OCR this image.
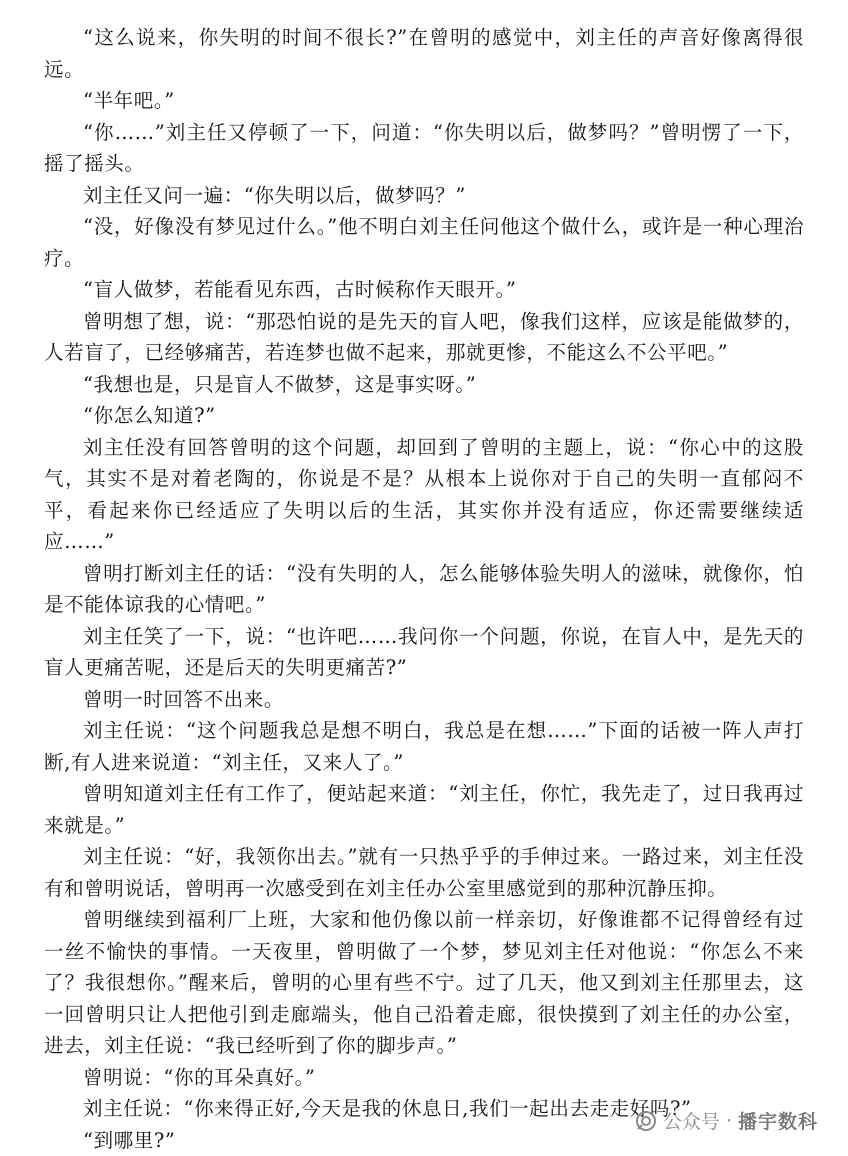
“这么说来，你失明的时间不很长?”在曾明的感觉中，刘主任的声音好像离得很远。

“半年吧。”

“你……”刘主任又停顿了一下，问道：“你失明以后，做梦吗？”曾明愣了一下，摇了摇头。

刘主任又问一遍：“你失明以后，做梦吗？”

“没，好像没有梦见过什么。”他不明白刘主任问他这个做什么，或许是一种心理治疗。

“盲人做梦，若能看见东西，古时候称作天眼开。”

曾明想了想，说：“那恐怕说的是先天的盲人吧，像我们这样，应该是能做梦的，人若盲了，已经够痛苦，若连梦也做不起来，那就更惨，不能这么不公平吧。”

“我想也是，只是盲人不做梦，这是事实呀。”

“你怎么知道?”

刘主任没有回答曾明的这个问题，却回到了曾明的主题上，说：“你心中的这股气，其实不是对着老陶的，你说是不是？从根本上说你对于自己的失明一直郁闷不平，看起来你已经适应了失明以后的生活，其实你并没有适应，你还需要继续适应……”

曾明打断刘主任的话：“没有失明的人，怎么能够体验失明人的滋味，就像你，怕是不能体谅我的心情吧。”

刘主任笑了一下，说：“也许吧……我问你一个问题，你说，在盲人中，是先天的盲人更痛苦呢，还是后天的失明更痛苦?”

曾明一时回答不出来。

刘主任说：“这个问题我总是想不明白，我总是在想……”下面的话被一阵人声打断,有人进来说道：“刘主任，又来人了。”

曾明知道刘主任有工作了，便站起来道：“刘主任，你忙，我先走了，过日我再过来就是。”

刘主任说：“好，我领你出去。”就有一只热乎乎的手伸过来。一路过来，刘主任没有和曾明说话，曾明再一次感受到在刘主任办公室里感觉到的那种沉静压抑。

曾明继续到福利厂上班，大家和他仍像以前一样亲切，好像谁都不记得曾经有过一丝不愉快的事情。一天夜里，曾明做了一个梦，梦见刘主任对他说：“你怎么不来了？我很想你。”醒来后，曾明的心里有些不宁。过了几天，他又到刘主任那里去，这一回曾明只让人把他引到走廊端头，他自己沿着走廊，很快摸到了刘主任的办公室，进去，刘主任说：“我已经听到了你的脚步声。”

曾明说：“你的耳朵真好。”

刘主任说：“你来得正好,今天是我的休息日,我们一起出去走走好吗?”

“到哪里?”

公众号 · 播宇数科
